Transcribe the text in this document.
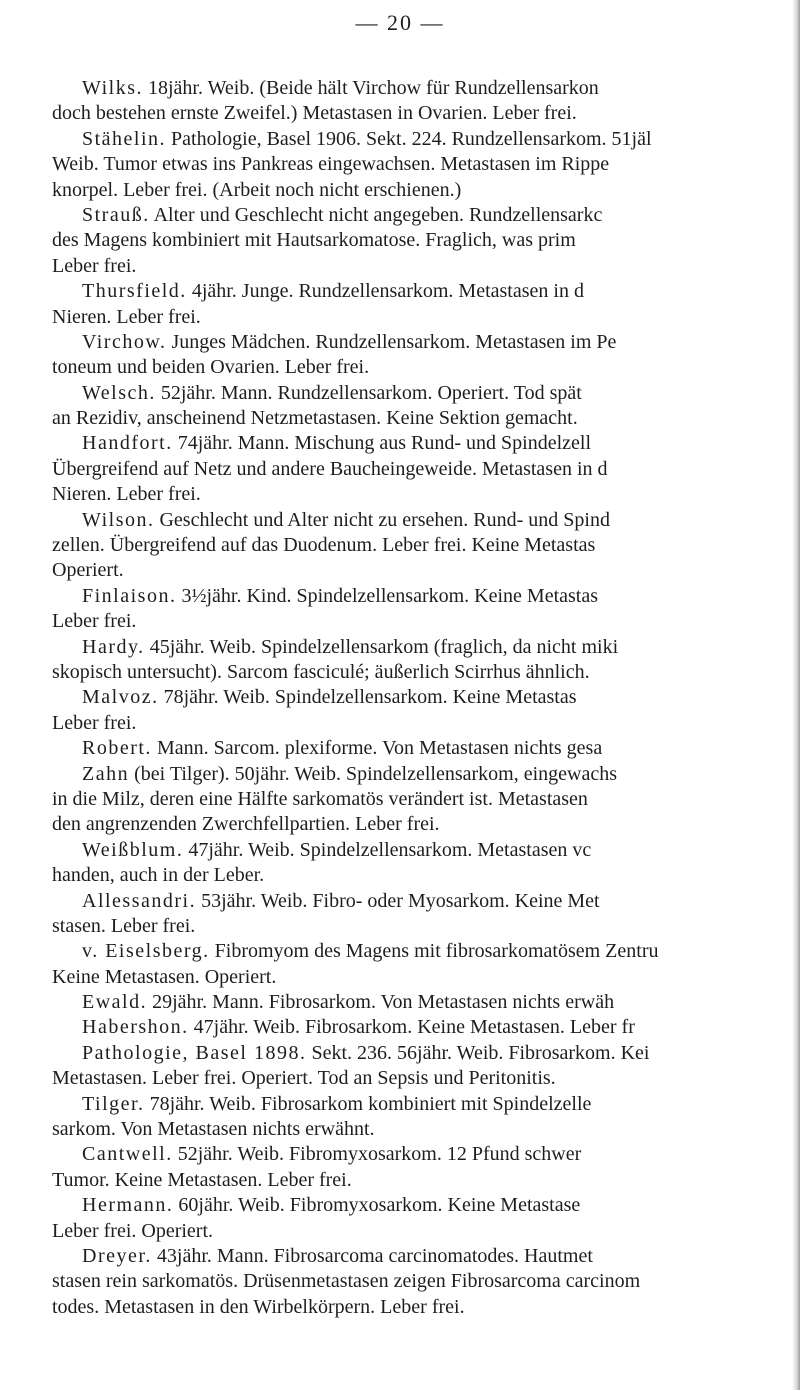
— 20 —
Wilks. 18jähr. Weib. (Beide hält Virchow für Rundzellensarkon
doch bestehen ernste Zweifel.) Metastasen in Ovarien. Leber frei.
Stähelin. Pathologie, Basel 1906. Sekt. 224. Rundzellensarkom. 51jäl
Weib. Tumor etwas ins Pankreas eingewachsen. Metastasen im Rippe
knorpel. Leber frei. (Arbeit noch nicht erschienen.)
Strauß. Alter und Geschlecht nicht angegeben. Rundzellensarkc
des Magens kombiniert mit Hautsarkomatose. Fraglich, was prim
Leber frei.
Thursfield. 4jähr. Junge. Rundzellensarkom. Metastasen in d
Nieren. Leber frei.
Virchow. Junges Mädchen. Rundzellensarkom. Metastasen im Pe
toneum und beiden Ovarien. Leber frei.
Welsch. 52jähr. Mann. Rundzellensarkom. Operiert. Tod spät
an Rezidiv, anscheinend Netzmetastasen. Keine Sektion gemacht.
Handfort. 74jähr. Mann. Mischung aus Rund- und Spindelzell
Übergreifend auf Netz und andere Baucheingeweide. Metastasen in d
Nieren. Leber frei.
Wilson. Geschlecht und Alter nicht zu ersehen. Rund- und Spind
zellen. Übergreifend auf das Duodenum. Leber frei. Keine Metastas
Operiert.
Finlaison. 3½jähr. Kind. Spindelzellensarkom. Keine Metastas
Leber frei.
Hardy. 45jähr. Weib. Spindelzellensarkom (fraglich, da nicht miki
skopisch untersucht). Sarcom fasciculé; äußerlich Scirrhus ähnlich.
Malvoz. 78jähr. Weib. Spindelzellensarkom. Keine Metastas
Leber frei.
Robert. Mann. Sarcom. plexiforme. Von Metastasen nichts gesa
Zahn (bei Tilger). 50jähr. Weib. Spindelzellensarkom, eingewachs
in die Milz, deren eine Hälfte sarkomatös verändert ist. Metastasen
den angrenzenden Zwerchfellpartien. Leber frei.
Weißblum. 47jähr. Weib. Spindelzellensarkom. Metastasen vc
handen, auch in der Leber.
Allessandri. 53jähr. Weib. Fibro- oder Myosarkom. Keine Met
stasen. Leber frei.
v. Eiselsberg. Fibromyom des Magens mit fibrosarkomatösem Zentru
Keine Metastasen. Operiert.
Ewald. 29jähr. Mann. Fibrosarkom. Von Metastasen nichts erwäh
Habershon. 47jähr. Weib. Fibrosarkom. Keine Metastasen. Leber fr
Pathologie, Basel 1898. Sekt. 236. 56jähr. Weib. Fibrosarkom. Kei
Metastasen. Leber frei. Operiert. Tod an Sepsis und Peritonitis.
Tilger. 78jähr. Weib. Fibrosarkom kombiniert mit Spindelzelle
sarkom. Von Metastasen nichts erwähnt.
Cantwell. 52jähr. Weib. Fibromyxosarkom. 12 Pfund schwer
Tumor. Keine Metastasen. Leber frei.
Hermann. 60jähr. Weib. Fibromyxosarkom. Keine Metastase
Leber frei. Operiert.
Dreyer. 43jähr. Mann. Fibrosarcoma carcinomatodes. Hautmet
stasen rein sarkomatös. Drüsenmetastasen zeigen Fibrosarcoma carcinom
todes. Metastasen in den Wirbelkörpern. Leber frei.
